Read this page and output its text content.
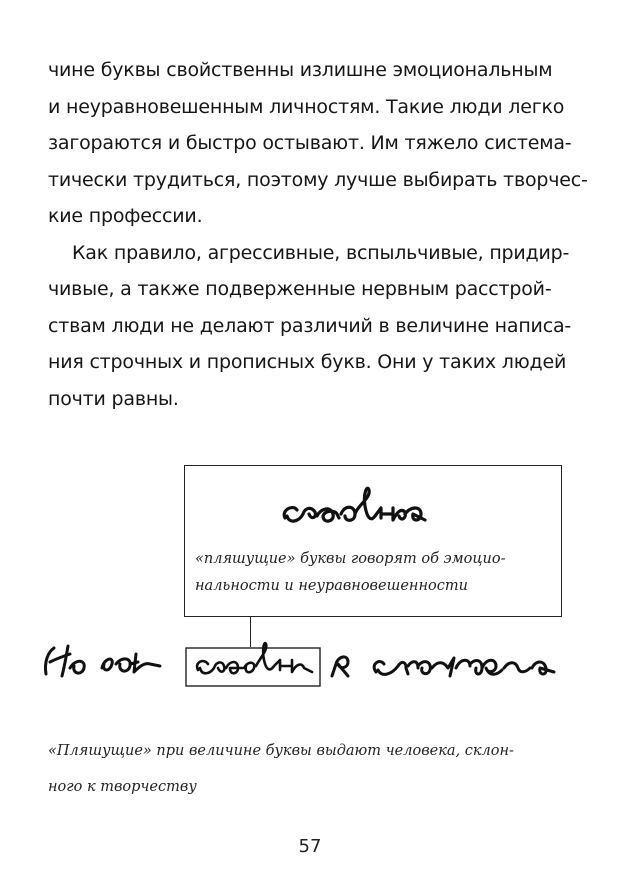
чине буквы свойственны излишне эмоциональным
и неуравновешенным личностям. Такие люди легко
загораются и быстро остывают. Им тяжело система-
тически трудиться, поэтому лучше выбирать творчес-
кие профессии.
Как правило, агрессивные, вспыльчивые, придир-
чивые, а также подверженные нервным расстрой-
ствам люди не делают различий в величине написа-
ния строчных и прописных букв. Они у таких людей
почти равны.
«пляшущие» буквы говорят об эмоцио-
нальности и неуравновешенности
«Пляшущие» при величине буквы выдают человека, склон-
ного к творчеству
57
